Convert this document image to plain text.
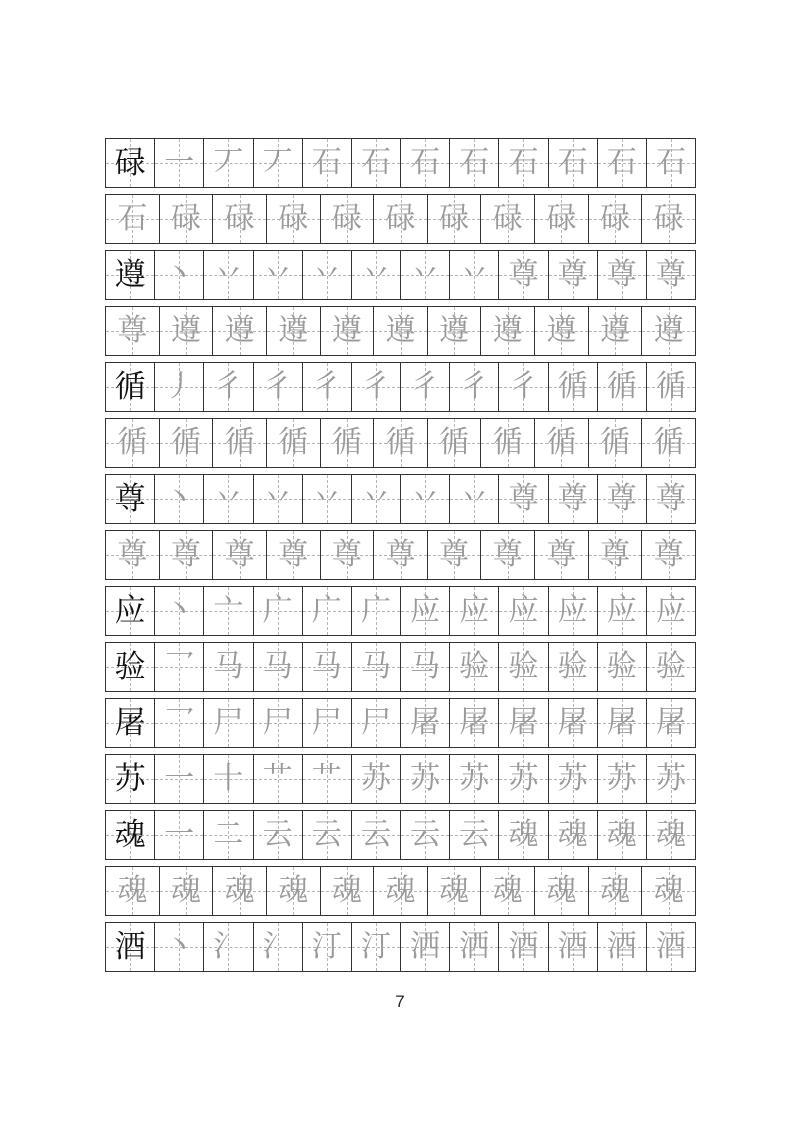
碌 一 丆 丆 石 石 石 石 石 石 石 石
石 碌 碌 碌 碌 碌 碌 碌 碌 碌 碌
遵 丶 丷 丷 丷 丷 丷 丷 尊 尊 尊 尊
尊 遵 遵 遵 遵 遵 遵 遵 遵 遵 遵
循 丿 彳 彳 彳 彳 彳 彳 彳 循 循 循
循 循 循 循 循 循 循 循 循 循 循
尊 丶 丷 丷 丷 丷 丷 丷 尊 尊 尊 尊
尊 尊 尊 尊 尊 尊 尊 尊 尊 尊 尊
应 丶 亠 广 广 广 应 应 应 应 应 应
验 乛 马 马 马 马 马 验 验 验 验 验
屠 乛 尸 尸 尸 尸 屠 屠 屠 屠 屠 屠
苏 一 十 艹 艹 苏 苏 苏 苏 苏 苏 苏
魂 一 二 云 云 云 云 云 魂 魂 魂 魂
魂 魂 魂 魂 魂 魂 魂 魂 魂 魂 魂
酒 丶 氵 氵 汀 汀 洒 洒 酒 酒 酒 酒
7
